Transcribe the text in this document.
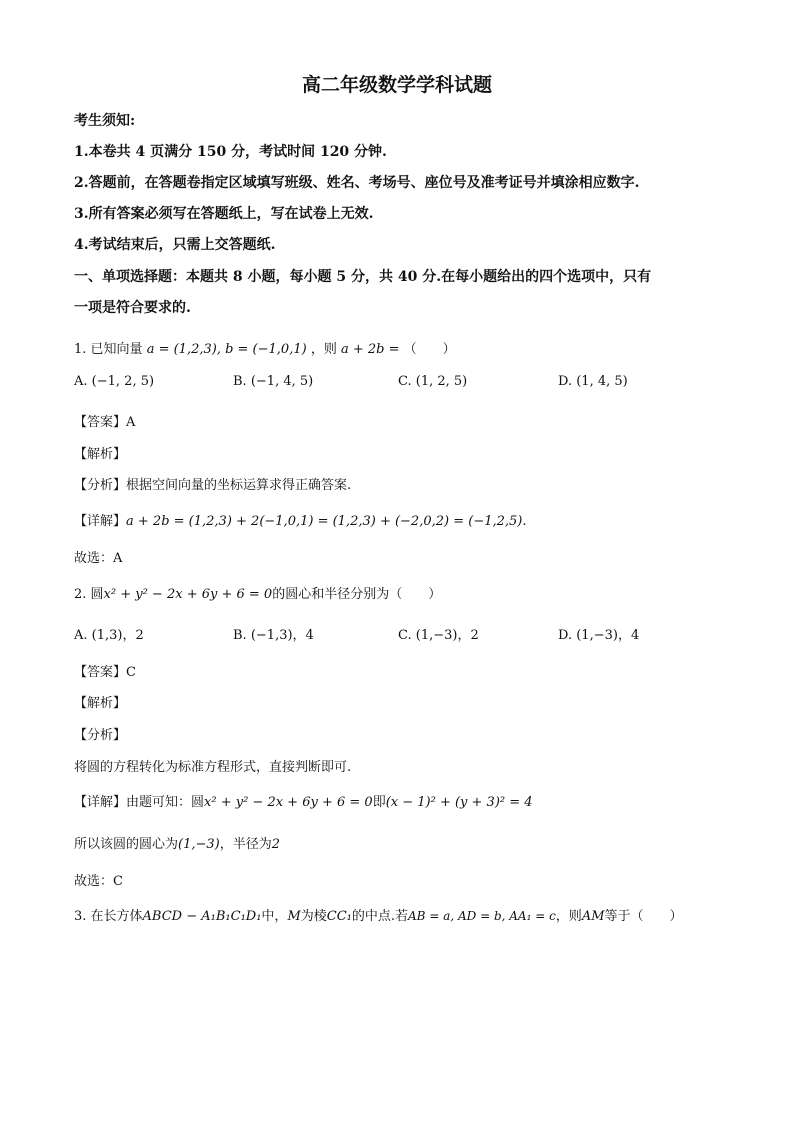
高二年级数学学科试题
考生须知:
1.本卷共 4 页满分 150 分，考试时间 120 分钟.
2.答题前，在答题卷指定区域填写班级、姓名、考场号、座位号及准考证号并填涂相应数字.
3.所有答案必须写在答题纸上，写在试卷上无效.
4.考试结束后，只需上交答题纸.
一、单项选择题：本题共 8 小题，每小题 5 分，共 40 分.在每小题给出的四个选项中，只有
一项是符合要求的.
1. 已知向量 a = (1,2,3), b = (−1,0,1) ，则 a + 2b = （　　）
A. (−1, 2, 5)	B. (−1, 4, 5)	C. (1, 2, 5)	D. (1, 4, 5)
【答案】A
【解析】
【分析】根据空间向量的坐标运算求得正确答案.
【详解】a + 2b = (1,2,3) + 2(−1,0,1) = (1,2,3) + (−2,0,2) = (−1,2,5).
故选：A
2. 圆x² + y² − 2x + 6y + 6 = 0的圆心和半径分别为（　　）
A. (1,3)，2	B. (−1,3)，4	C. (1,−3)，2	D. (1,−3)，4
【答案】C
【解析】
【分析】
将圆的方程转化为标准方程形式，直接判断即可.
【详解】由题可知：圆x² + y² − 2x + 6y + 6 = 0即(x − 1)² + (y + 3)² = 4
所以该圆的圆心为(1,−3)，半径为2
故选：C
3. 在长方体ABCD − A₁B₁C₁D₁中，M为棱CC₁的中点.若AB = a, AD = b, AA₁ = c，则AM等于（　　）
